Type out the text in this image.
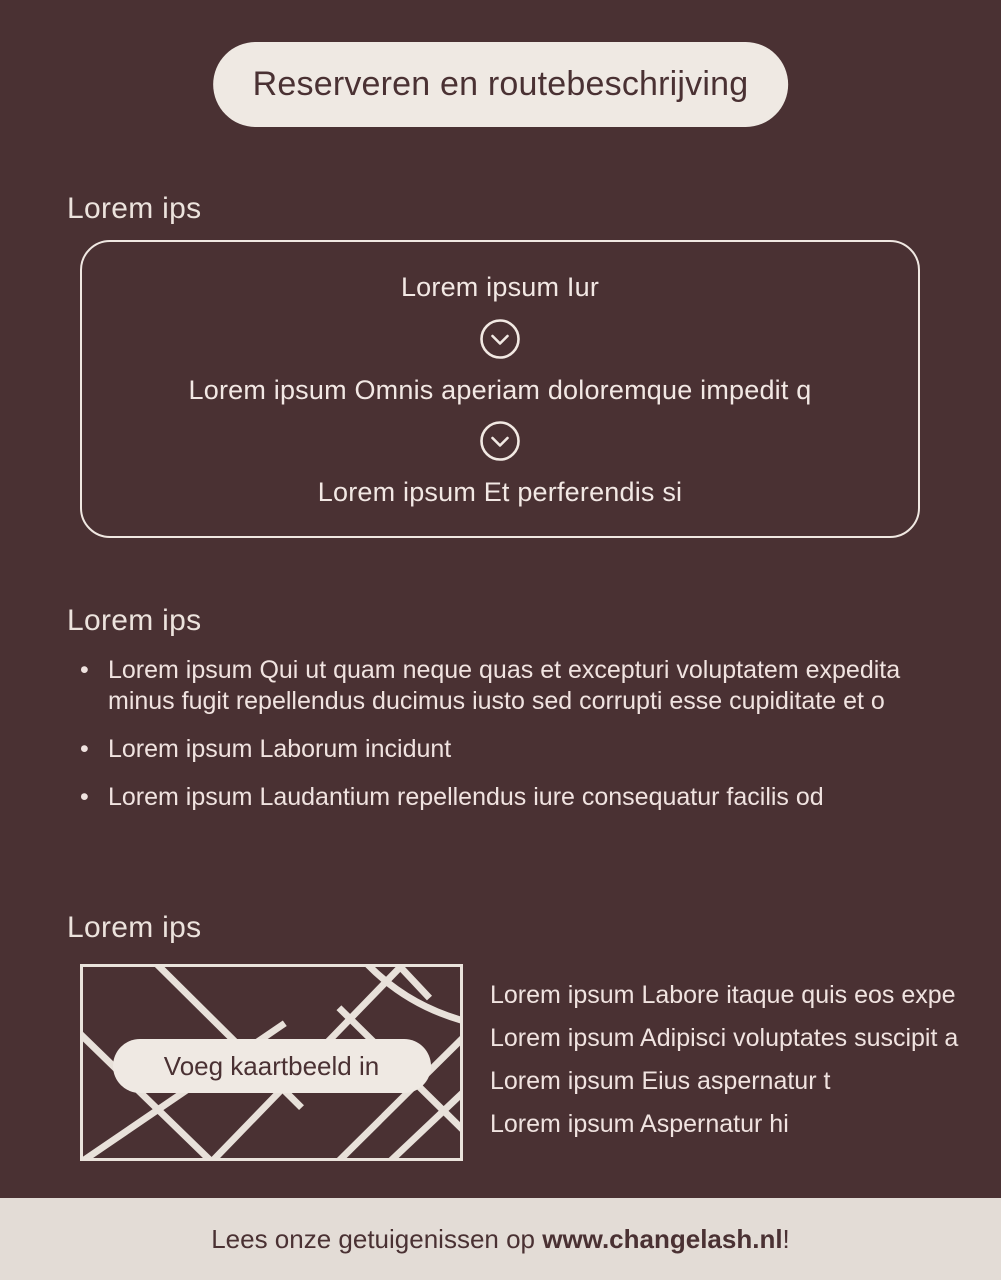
Reserveren en routebeschrijving
Lorem ips
Lorem ipsum Iur
Lorem ipsum Omnis aperiam doloremque impedit q
Lorem ipsum Et perferendis si
Lorem ips
• Lorem ipsum Qui ut quam neque quas et excepturi voluptatem expedita minus fugit repellendus ducimus iusto sed corrupti esse cupiditate et o
• Lorem ipsum Laborum incidunt
• Lorem ipsum Laudantium repellendus iure consequatur facilis od
Lorem ips
Voeg kaartbeeld in
Lorem ipsum Labore itaque quis eos expe
Lorem ipsum Adipisci voluptates suscipit a
Lorem ipsum Eius aspernatur t
Lorem ipsum Aspernatur hi
Lees onze getuigenissen op www.changelash.nl!
